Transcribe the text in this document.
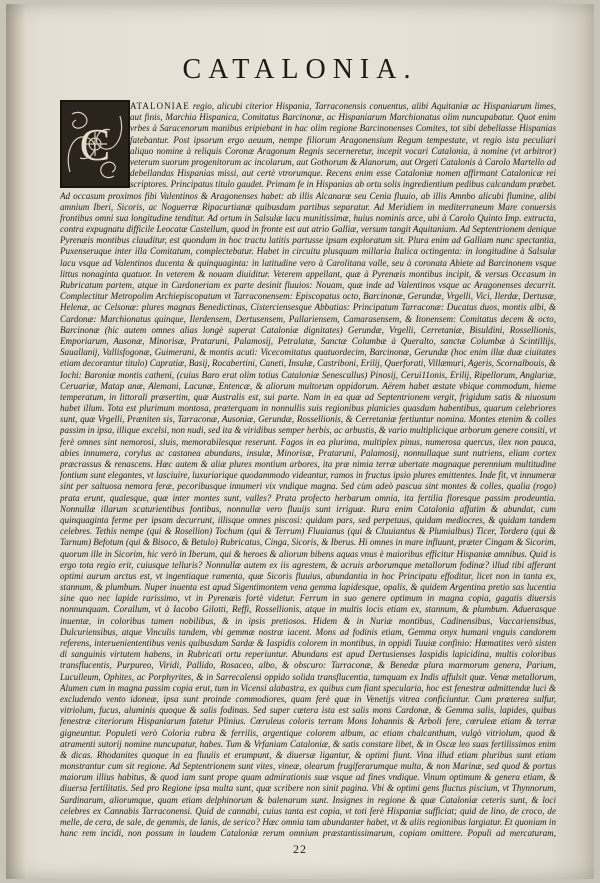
CATALONIA.
C

ATALONIAE regio, alicubi citerior Hispania, Tarraconensis conuentus, alibi Aquitaniæ ac Hispaniarum limes, aut finis, Marchia Hispanica, Comitatus Barcinonæ, ac Hispaniarum Marchionatus olim nuncupabatur. Quot enim vrbes à Saracenorum manibus eripiebant in hac olim regione Barcinonenses Comites, tot sibi debellasse Hispanias fatebantur. Post ipsorum ergo aeuum, nempe filiorum Aragonensium Regum tempestate, vt regio ista peculiari aliquo nomine à reliquis Coronæ Aragonum Regnis secerneretur, incepit vocari Catalonia, à nomine (vt arbitror) veterum suorum progenitorum ac incolarum, aut Gothorum & Alanorum, aut Orgeti Catalonis à Carolo Martello ad debellandas Hispanias missi, aut certè vtrorumque. Recens enim esse Cataloniæ nomen affirmant Catalonicæ rei scriptores. Principatus titulo gaudet. Primam fe in Hispanias ab ortu solis ingredientium pedibus calcandam præbet. Ad occasum proximos fibi Valentinos & Aragonenses habet: ab illis Alcanaræ seu Cenia fluuio, ab illis Amnbo alicubi flumine, alibi amnium Iberi, Sicoris, ac Noguerræ Ripacurtianæ quibusdam partibus separatur. Ad Meridiem in mediterraneum Mare conuersis frontibus omni sua longitudine tenditur. Ad ortum in Salsulæ lacu munitissimæ, huius nominis arce, ubi à Carolo Quinto Imp. extructa, contra expugnatu difficile Leocatæ Castellum, quod in fronte est aut atrio Galliæ, versum tangit Aquitaniam. Ad Septentrionem denique Pyrenæis montibus clauditur, est quondam in hoc tractu latitis partusse ipsam exploratum sit. Plura enim ad Galliam nunc spectantia, Puxenseruque inter illa Comitatum, complectebatur. Habet in circuitu plusquam millaria Italica octingenta: in longitudine à Salsulæ lacu vsque ad Valentinos ducenta & quinquaginta: in latitudine vero à Carolitana valle, seu à coronata Abiete ad Barcinonem vsque littus nonaginta quatuor. In veterem & nouam diuiditur. Veterem appellant, quæ à Pyrenæis montibus incipit, & versus Occasum in Rubricatum partem, atque in Cardoneriam ex parte desinit fluuios: Nouam, quæ inde ad Valentinos vsque ac Aragonenses decurrit. Complectitur Metropolim Archiepiscopatum vt Tarraconensem: Episcopatus octo, Barcinonæ, Gerundæ, Vrgelli, Vici, Ilerdæ, Dertusæ, Helenæ, ac Celsonæ: plures magnas Benedictinas, Cisterciensesque Abbatias: Principatum Tarraconæ: Ducatus duos, montis albi, & Cardonæ: Marchionatus quinque, Ilerdensem, Dertusensem, Pallariensem, Camarasensem, & Itonensem: Comitatus decem & octo, Barcinonæ (hic autem omnes alias longè superat Cataloniæ dignitates) Gerundæ, Vrgelli, Cerretaniæ, Bisuldini, Rossellionis, Emporiarum, Ausonæ, Minorisæ, Prataruni, Palamosij, Petralatæ, Sanctæ Columbæ à Queralto, sanctæ Columbæ à Scintillijs, Sauallanij, Vallisfogonæ, Guimerani, & montis acuti: Vicecomitatus quatuordecim, Barcinonæ, Gerundæ (hoc enim illæ duæ ciuitates etiam decorantur titulo) Capratiæ, Basij, Rocabertini, Caneti, Insulæ, Castriboni, Erilij, Querforati, Villæmuri, Ageris, Scornalbouis, & Iochi: Baroniæ montis catheni, (cuius Baro erat olim totius Cataloniæ Senescallus) Pinosij, Cerui11onis, Erilij, Ripellorum, Anglariæ, Ceruariæ, Matap anæ, Alemani, Lacunæ, Entencæ, & aliorum multorum oppidorum. Aërem habet æstate vbique commodum, hieme temperatum, in littorali præsertim, quæ Australis est, sui parte. Nam in ea quæ ad Septentrionem vergit, frigidum satis & niuosum habet illum. Tota est plurimum montosa, præterquam in nonnullis suis regionibus planicies quasdam habentibus, quarum celebriores sunt, quæ Vrgelli, Præniten sis, Tarraconæ, Ausoniæ, Gerundæ, Rossellionis, & Cerretaniæ fertiuntur nomina. Montes etenim & colles passim in ipsa, illique excelsi, non nudi, sed ita & viridibus semper herbis, ac arbustis, & vario multiplicique arborum genere consiti, vt ferè omnes sint nemorosi, sluis, memorabilesque reserunt. Fagos in ea plurima, multiplex pinus, numerosa quercus, ilex non pauca, abies innumera, corylus ac castanea abundans, insulæ, Minorisæ, Prataruni, Palamosij, nonnullaque sunt nutriens, eliam cortex præcrassus & renascens. Hæc autem & aliæ plures montium arbores, ita præ nimia terræ ubertate magnaque perennium multitudine fontium sunt elegantes, vt lasciuire, luxuriarique quodammodo videantur, ramos in fructus ipsio plures emittentes. Inde fit, vt innumeræ sint per saltuosa nemora feræ, pecoribusque innumeri vix vndique magna. Sed cùm adeò pascua sint montes & colles, qualia (rogo) prata erunt, qualesque, quæ inter montes sunt, valles? Prata profecto herbarum omnia, ita fertilia floresque passim prodeuntia. Nonnullæ illarum scaturientibus fontibus, nonnullæ vero fluuijs sunt irriguæ. Rura enim Catalonia affatim & abundat, cum quinquaginta ferme per ipsam decurrunt, illisque omnes piscosi: quidam pars, sed perpetuus, quidam mediocres, & quidam tandem celebres. Tethis nempe (qui & Rosellion) Tochum (qui & Terrum) Fluuianus (qui & Cluuiantus & Plumialbus) Ticer, Tordera (qui & Tarnum) Befotum (qui & Bisoco, & Betulo) Rubricatus, Cinga, Sicoris, & Iberus. Hi omnes in mare influunt, præter Cingam & Sicorim, quorum ille in Sicorim, hic verò in Iberum, qui & heroes & aliorum bibens aquas vnus è maioribus efficitur Hispaniæ amnibus. Quid is ergo tota regio erit, cuiusque telluris? Nonnullæ autem ex iis agrestem, & acruis arborumque metallorum fodinæ? illud tibi afferant optimi aurum arctus est, vt ingentiaque ramenta, quæ Sicoris fluuius, abundantia in hoc Principatu effoditur, licet non in tanta ex, stannum, & plumbum. Nuper inuenta est apud Sigentimontem vena gemma lapidesque, opalis, & quidem Argentina pretio sas lucentia sine quo nec lapide rarissimo, vt in Pyrenæis fortè videtur. Ferrum in suo genere optimum in magna copia, gagatis diuersis nonnunquam. Corallum, vt à Iacobo Gilotti, Reffi, Rossellionis, atque in multis locis etiam ex, stannum, & plumbum. Aduerasque inuentæ, in coloribus tamen nobilibus, & in ipsis pretiosos. Hidem & in Nuriæ montibus, Cadinensibus, Vaccariensibus, Dulcuriensibus, atque Vinculis tandem, vbi gemmæ nostræ iacent. Mons ad fodinis etiam, Gemma onyx humani vnguis candorem referens, interueniententibus venis quibusdam Sardæ & Iaspidis colorem in montibus, in oppidi Tuuiæ confinio: Hæmatites verò sisten di sanguinis virtutem habens, in Rubricati ortu reperiuntur. Abundans est apud Dertusienses Iaspidis lapicidina, multis coloribus transflucentis, Purpureo, Viridi, Pallido, Rosaceo, albo, & obscuro: Tarraconæ, & Benedæ plura marmorum genera, Parium, Luculleum, Ophites, ac Porphyrites, & in Sarrecalensi oppido solida transflucentia, tamquam ex Indis affulsit quæ. Venæ metallorum, Alumen cum in magna passim copia erut, tum in Vicensi alabastra, ex quibus cum fiant specularia, hoc est fenestræ admittendæ luci & excludendo vento idoneæ, ipsa sunt proinde commodiores, quam ferè quæ in Venetijs vitrea conficiuntur. Cum præterea sulfur, vitriolum, fucus, aluminis quoque & salis fodinas. Sed super cætera ista est salis mons Cardonæ, & Gemma salis, lapides, quibus fenestræ citeriorum Hispaniarum fatetur Plinius. Cœruleus coloris terram Mons Iohannis & Arboli fere, cœruleæ etiam & terræ gigneuntur. Populeti verò Coloria rubra & ferrilis, argentique colorem album, ac etiam chalcanthum, vulgò vitriolum, quod & atramenti sutorij nomine nuncupatur, habes. Tum & Vrfaniam Cataloniæ, & satis constare libet, & in Oscæ leo suas fertilissimos enim & dicas. Rhodanites quoque in ea fluuiis et erumpunt, & diuersæ ligantur, & optimi fiunt. Vina illud etiam pluribus sunt etiam monstrantur cum sit regione. Ad Septentrionem sunt vites, vineæ, olearum frugiferarumque multa, & non Marinæ, sed quod & portus maiorum illius habitus, & quod iam sunt prope quam admirationis suæ vsque ad fines vndique. Vinum optimum & genera etiam, & diuersa fertilitatis. Sed pro Regione ipsa multa sunt, quæ scribere non sinit pagina. Vbi & optimi gens fluctus piscium, vt Thynnorum, Sardinarum, aliorumque, quam etiam delphinorum & balenarum sunt. Insignes in regione & quæ Cataloniæ ceteris sunt, & loci celebres ex Cannabis Tarraconensi. Quid de cannabi, cuius tanta est copia, vt toti ferè Hispaniæ sufficiat; quid de lino, de croco, de melle, de cera, de sale, de gemmis, de lanis, de serico? Hæc omnia tam abundanter habet, vt & aliis regionibus largiatur. Et quoniam in hanc rem incidi, non possum in laudem Cataloniæ rerum omnium præstantissimarum, copiam omittere. Populi ad mercaturam,

22
